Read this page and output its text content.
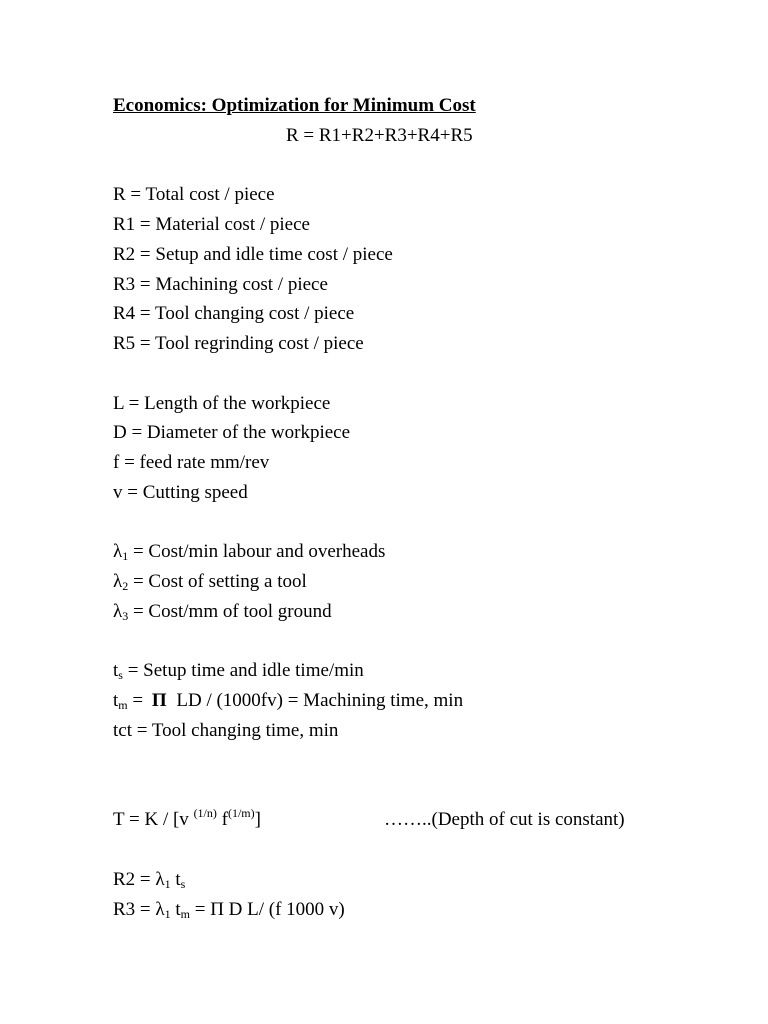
Economics: Optimization for Minimum Cost
R = R1+R2+R3+R4+R5
R = Total cost / piece
R1 = Material cost / piece
R2 = Setup and idle time cost / piece
R3 = Machining cost / piece
R4 = Tool changing cost / piece
R5 = Tool regrinding cost / piece
L = Length of the workpiece
D = Diameter of the workpiece
f = feed rate mm/rev
v = Cutting speed
$\lambda_1$ = Cost/min labour and overheads
$\lambda_2$ = Cost of setting a tool
$\lambda_3$ = Cost/mm of tool ground
$t_s$ = Setup time and idle time/min
$t_m = \Pi$ LD / (1000fv) = Machining time, min
tct = Tool changing time, min
T = K / [v $^{(1/n)}$ $f^{(1/m)}$]	……..(Depth of cut is constant)
$R2 = \lambda_1$ $t_s$
$R3 = \lambda_1$ $t_m = \Pi$ D L/ (f 1000 v)
